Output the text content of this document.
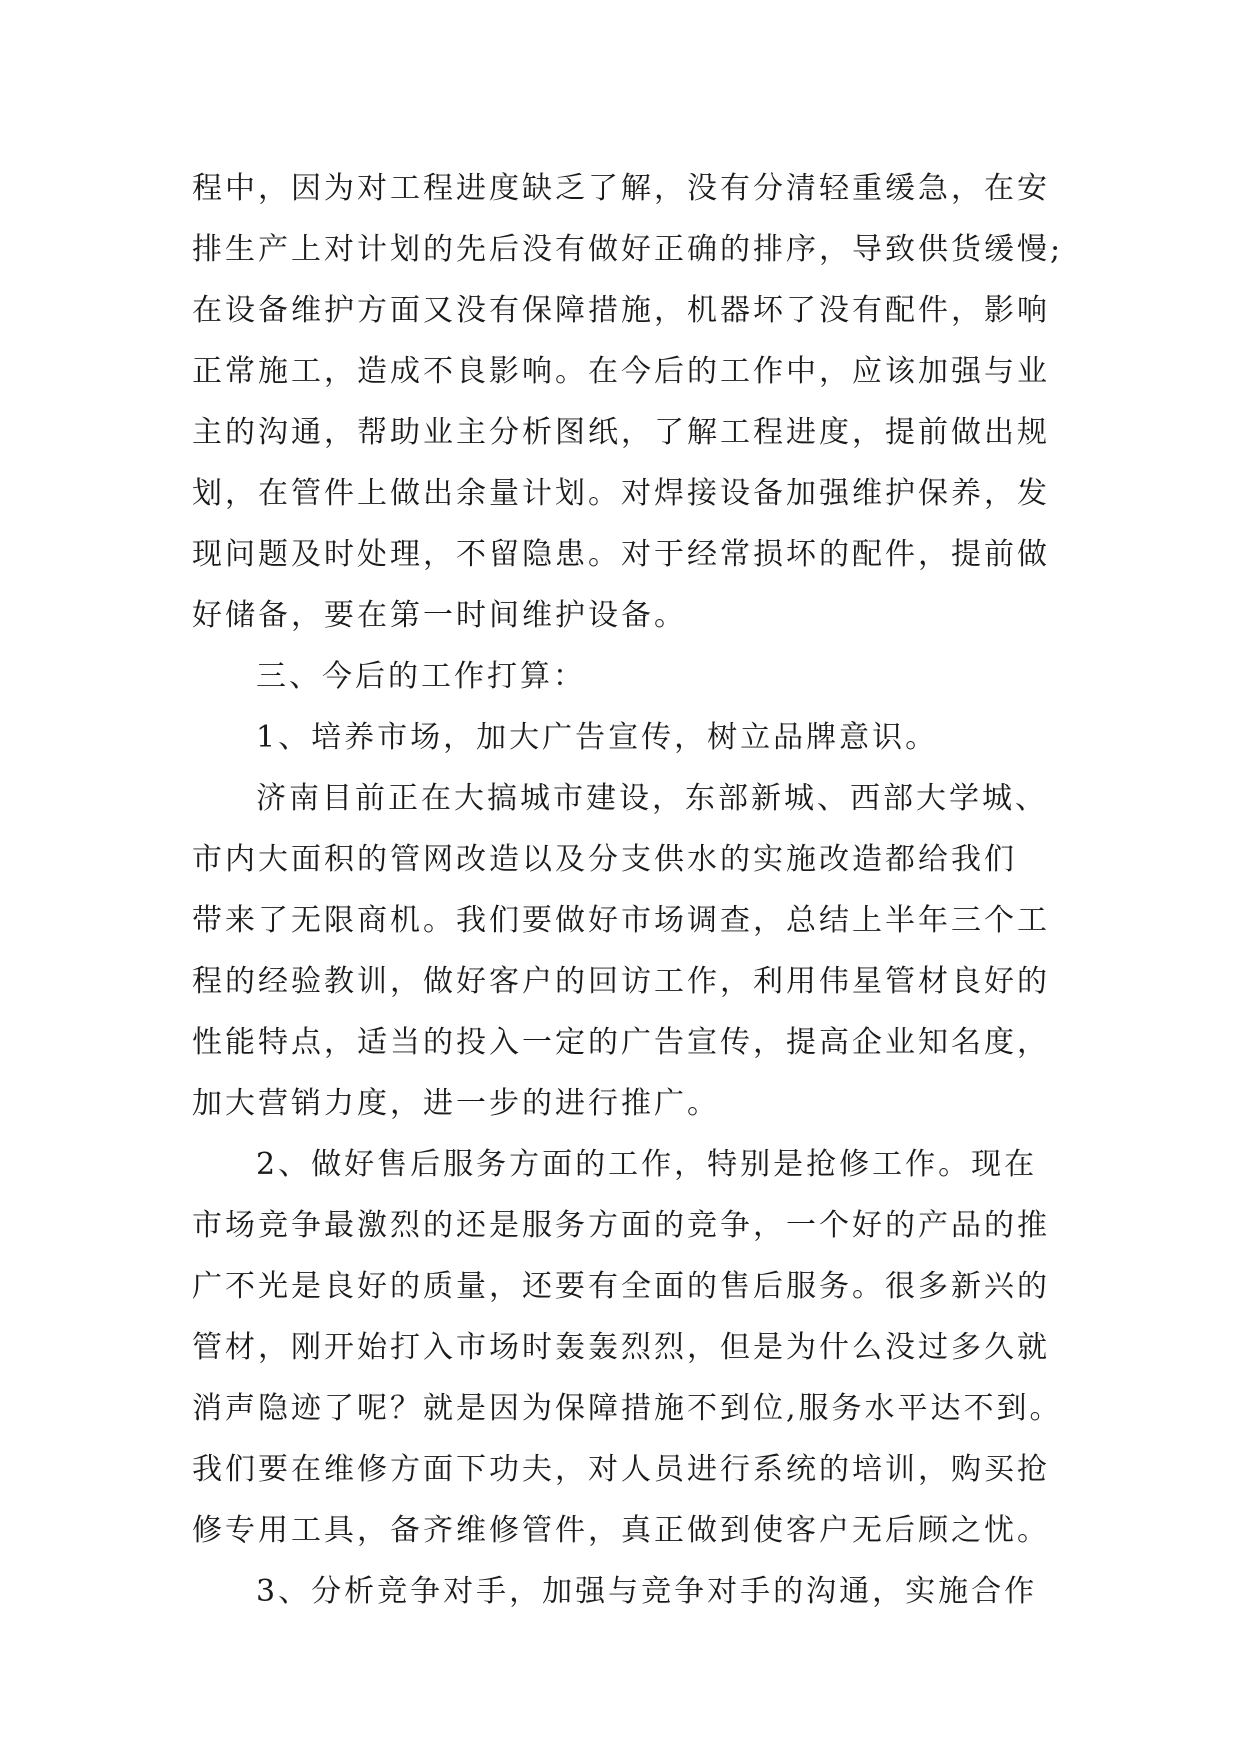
程中，因为对工程进度缺乏了解，没有分清轻重缓急，在安
排生产上对计划的先后没有做好正确的排序，导致供货缓慢;
在设备维护方面又没有保障措施，机器坏了没有配件，影响
正常施工，造成不良影响。在今后的工作中，应该加强与业
主的沟通，帮助业主分析图纸，了解工程进度，提前做出规
划，在管件上做出余量计划。对焊接设备加强维护保养，发
现问题及时处理，不留隐患。对于经常损坏的配件，提前做
好储备，要在第一时间维护设备。
三、今后的工作打算：
1、培养市场，加大广告宣传，树立品牌意识。
济南目前正在大搞城市建设，东部新城、西部大学城、
市内大面积的管网改造以及分支供水的实施改造都给我们
带来了无限商机。我们要做好市场调查，总结上半年三个工
程的经验教训，做好客户的回访工作，利用伟星管材良好的
性能特点，适当的投入一定的广告宣传，提高企业知名度，
加大营销力度，进一步的进行推广。
2、做好售后服务方面的工作，特别是抢修工作。现在
市场竞争最激烈的还是服务方面的竞争，一个好的产品的推
广不光是良好的质量，还要有全面的售后服务。很多新兴的
管材，刚开始打入市场时轰轰烈烈，但是为什么没过多久就
消声隐迹了呢？就是因为保障措施不到位,服务水平达不到。
我们要在维修方面下功夫，对人员进行系统的培训，购买抢
修专用工具，备齐维修管件，真正做到使客户无后顾之忧。
3、分析竞争对手，加强与竞争对手的沟通，实施合作
